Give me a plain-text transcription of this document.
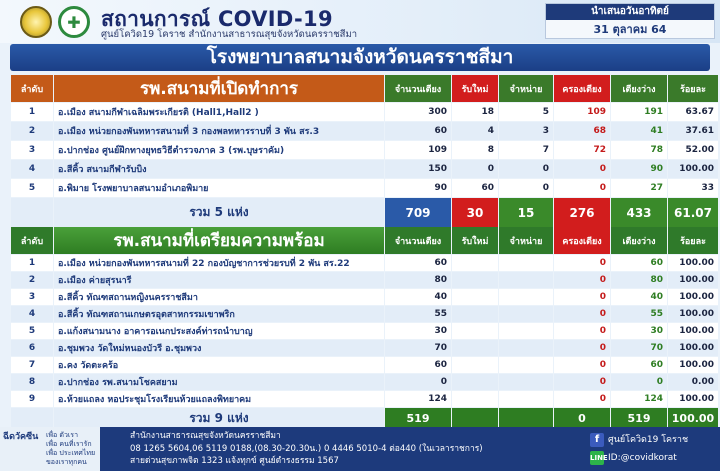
✚ สถานการณ์ COVID-19
ศูนย์โควิด19 โคราช สำนักงานสาธารณสุขจังหวัดนครราชสีมา
นำเสนอวันอาทิตย์
31 ตุลาคม 64
โรงพยาบาลสนามจังหวัดนครราชสีมา
ลำดับ	รพ.สนามที่เปิดทำการ	จำนวนเตียง	รับใหม่	จำหน่าย	ครองเตียง	เตียงว่าง	ร้อยละ
1	อ.เมือง สนามกีฬาเฉลิมพระเกียรติ (Hall1,Hall2 )	300	18	5	109	191	63.67
2	อ.เมือง หน่วยกองพันทหารสนามที่ 3 กองพลทหารราบที่ 3 พัน สร.3	60	4	3	68	41	37.61
3	อ.ปากช่อง ศูนย์ฝึกทางยุทธวิธีตำรวจภาค 3 (รพ.บุษราคัม)	109	8	7	72	78	52.00
4	อ.สีคิ้ว สนามกีฬารับบิง	150	0	0	0	90	100.00
5	อ.พิมาย โรงพยาบาลสนามอำเภอพิมาย	90	60	0	0	27	33
	รวม 5 แห่ง	709	30	15	276	433	61.07
ลำดับ	รพ.สนามที่เตรียมความพร้อม	จำนวนเตียง	รับใหม่	จำหน่าย	ครองเตียง	เตียงว่าง	ร้อยละ
1	อ.เมือง หน่วยกองพันทหารสนามที่ 22 กองบัญชาการช่วยรบที่ 2 พัน สร.22	60			0	60	100.00
2	อ.เมือง ค่ายสุรนารี	80			0	80	100.00
3	อ.สีคิ้ว ทัณฑสถานหญิงนครราชสีมา	40			0	40	100.00
4	อ.สีคิ้ว ทัณฑสถานเกษตรอุตสาหกรรมเขาพริก	55			0	55	100.00
5	อ.แก้งสนามนาง อาคารอเนกประสงค์ท่ารถนำบาญ	30			0	30	100.00
6	อ.ชุมพวง วัดใหม่หนองบัวรี อ.ชุมพวง	70			0	70	100.00
7	อ.คง วัดตะคร้อ	60			0	60	100.00
8	อ.ปากช่อง รพ.สนามโชคสยาม	0			0	0	0.00
9	อ.ห้วยแถลง หอประชุมโรงเรียนห้วยแถลงพิทยาคม	124			0	124	100.00
	รวม 9 แห่ง	519			0	519	100.00
ฉีดวัคซีน เพื่อ ตัวเรา
เพื่อ คนที่เรารัก
เพื่อ ประเทศไทย
ของเราทุกคน
สำนักงานสาธารณสุขจังหวัดนครราชสีมา
08 1265 5604,06 5119 0188,(08.30-20.30น.) 0 4446 5010-4 ต่อ440 (ในเวลาราชการ)
สายด่วนสุขภาพจิต 1323 แจ้งทุกข์ ศูนย์ดำรงธรรม 1567
f ศูนย์โควิด19 โคราช
LINEID:@covidkorat
